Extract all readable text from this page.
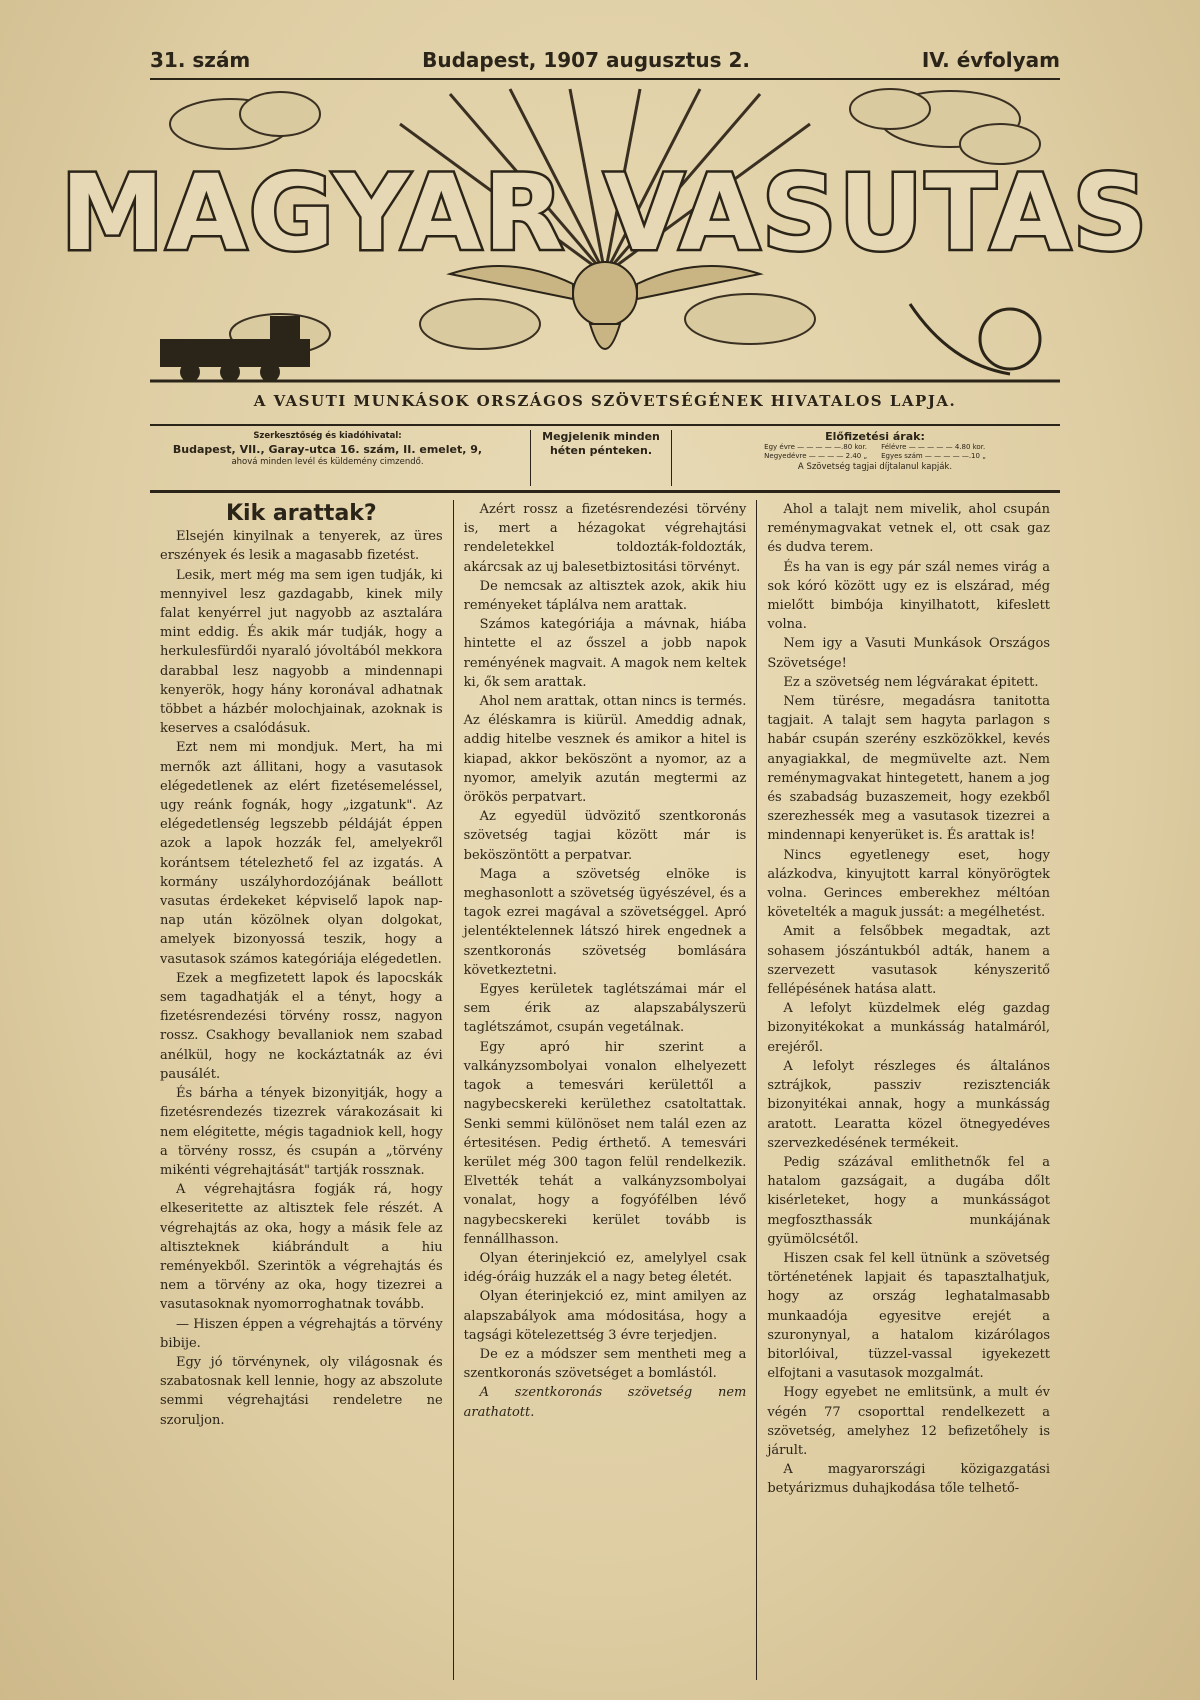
31. szám	Budapest, 1907 augusztus 2.	IV. évfolyam
MAGYAR VASUTAS
A VASUTI MUNKÁSOK ORSZÁGOS SZÖVETSÉGÉNEK HIVATALOS LAPJA.
Szerkesztőség és kiadóhivatal:
Budapest, VII., Garay-utca 16. szám, II. emelet, 9,
ahová minden levél és küldemény cimzendő.
Megjelenik minden héten pénteken.
Előfizetési árak:
Egy évre — — — — —.80 kor.
Negyedévre — — — — 2.40 „
Félévre — — — — — 4.80 kor.
Egyes szám — — — — —.10 „
A Szövetség tagjai díjtalanul kapják.
Kik arattak?

Elsején kinyilnak a tenyerek, az üres erszények és lesik a magasabb fizetést.

Lesik, mert még ma sem igen tudják, ki mennyivel lesz gazdagabb, kinek mily falat kenyérrel jut nagyobb az asztalára mint eddig. És akik már tudják, hogy a herkulesfürdői nyaraló jóvoltából mekkora darabbal lesz nagyobb a mindennapi kenyerök, hogy hány koronával adhatnak többet a házbér molochjainak, azoknak is keserves a csalódásuk.

Ezt nem mi mondjuk. Mert, ha mi mernők azt állitani, hogy a vasutasok elégedetlenek az elért fizetésemeléssel, ugy reánk fognák, hogy „izgatunk". Az elégedetlenség legszebb példáját éppen azok a lapok hozzák fel, amelyekről korántsem tételezhető fel az izgatás. A kormány uszályhordozójának beállott vasutas érdekeket képviselő lapok nap-nap után közölnek olyan dolgokat, amelyek bizonyossá teszik, hogy a vasutasok számos kategóriája elégedetlen.

Ezek a megfizetett lapok és lapocskák sem tagadhatják el a tényt, hogy a fizetésrendezési törvény rossz, nagyon rossz. Csakhogy bevallaniok nem szabad anélkül, hogy ne kockáztatnák az évi pausálét.

És bárha a tények bizonyitják, hogy a fizetésrendezés tizezrek várakozásait ki nem elégitette, mégis tagadniok kell, hogy a törvény rossz, és csupán a „törvény mikénti végrehajtását" tartják rossznak.

A végrehajtásra fogják rá, hogy elkeseritette az altisztek fele részét. A végrehajtás az oka, hogy a másik fele az altiszteknek kiábrándult a hiu reményekből. Szerintök a végrehajtás és nem a törvény az oka, hogy tizezrei a vasutasoknak nyomorroghatnak tovább.

— Hiszen éppen a végrehajtás a törvény bibije.

Egy jó törvénynek, oly világosnak és szabatosnak kell lennie, hogy az abszolute semmi végrehajtási rendeletre ne szoruljon.

Azért rossz a fizetésrendezési törvény is, mert a hézagokat végrehajtási rendeletekkel toldozták-foldozták, akárcsak az uj balesetbiztositási törvényt.

De nemcsak az altisztek azok, akik hiu reményeket táplálva nem arattak.

Számos kategóriája a mávnak, hiába hintette el az ősszel a jobb napok reményének magvait. A magok nem keltek ki, ők sem arattak.

Ahol nem arattak, ottan nincs is termés. Az éléskamra is kiürül. Ameddig adnak, addig hitelbe vesznek és amikor a hitel is kiapad, akkor beköszönt a nyomor, az a nyomor, amelyik azután megtermi az örökös perpatvart.

Az egyedül üdvözitő szentkoronás szövetség tagjai között már is beköszöntött a perpatvar.

Maga a szövetség elnöke is meghasonlott a szövetség ügyészével, és a tagok ezrei magával a szövetséggel. Apró jelentéktelennek látszó hirek engednek a szentkoronás szövetség bomlására következtetni.

Egyes kerületek taglétszámai már el sem érik az alapszabályszerü taglétszámot, csupán vegetálnak.

Egy apró hir szerint a valkányzsombolyai vonalon elhelyezett tagok a temesvári kerülettől a nagybecskereki kerülethez csatoltattak. Senki semmi különöset nem talál ezen az értesitésen. Pedig érthető. A temesvári kerület még 300 tagon felül rendelkezik. Elvették tehát a valkányzsombolyai vonalat, hogy a fogyófélben lévő nagybecskereki kerület tovább is fennállhasson.

Olyan éterinjekció ez, amelylyel csak idég-óráig huzzák el a nagy beteg életét.

Olyan éterinjekció ez, mint amilyen az alapszabályok ama módositása, hogy a tagsági kötelezettség 3 évre terjedjen.

De ez a módszer sem mentheti meg a szentkoronás szövetséget a bomlástól.

A szentkoronás szövetség nem arathatott.

Ahol a talajt nem mivelik, ahol csupán reménymagvakat vetnek el, ott csak gaz és dudva terem.

És ha van is egy pár szál nemes virág a sok kóró között ugy ez is elszárad, még mielőtt bimbója kinyilhatott, kifeslett volna.

Nem igy a Vasuti Munkások Országos Szövetsége!

Ez a szövetség nem légvárakat épitett.

Nem türésre, megadásra tanitotta tagjait. A talajt sem hagyta parlagon s habár csupán szerény eszközökkel, kevés anyagiakkal, de megmüvelte azt. Nem reménymagvakat hintegetett, hanem a jog és szabadság buzaszemeit, hogy ezekből szerezhessék meg a vasutasok tizezrei a mindennapi kenyerüket is. És arattak is!

Nincs egyetlenegy eset, hogy alázkodva, kinyujtott karral könyörögtek volna. Gerinces emberekhez méltóan követelték a maguk jussát: a megélhetést.

Amit a felsőbbek megadtak, azt sohasem jószántukból adták, hanem a szervezett vasutasok kényszeritő fellépésének hatása alatt.

A lefolyt küzdelmek elég gazdag bizonyitékokat a munkásság hatalmáról, erejéről.

A lefolyt részleges és általános sztrájkok, passziv rezisztenciák bizonyitékai annak, hogy a munkásság aratott. Learatta közel ötnegyedéves szervezkedésének termékeit.

Pedig százával emlithetnők fel a hatalom gazságait, a dugába dőlt kisérleteket, hogy a munkásságot megfoszthassák munkájának gyümölcsétől.

Hiszen csak fel kell ütnünk a szövetség történetének lapjait és tapasztalhatjuk, hogy az ország leghatalmasabb munkaadója egyesitve erejét a szuronynyal, a hatalom kizárólagos bitorlóival, tüzzel-vassal igyekezett elfojtani a vasutasok mozgalmát.

Hogy egyebet ne emlitsünk, a mult év végén 77 csoporttal rendelkezett a szövetség, amelyhez 12 befizetőhely is járult.

A magyarországi közigazgatási betyárizmus duhajkodása tőle telhető-
